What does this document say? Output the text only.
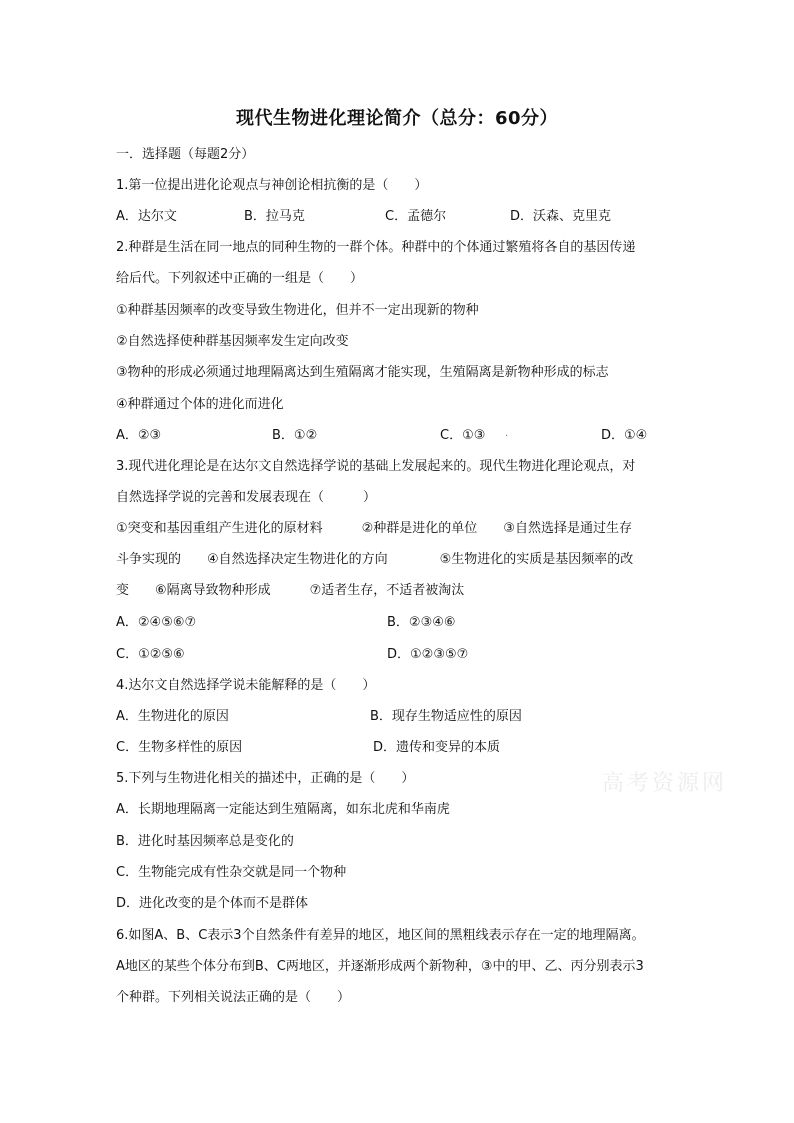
现代生物进化理论简介（总分：60分）
一．选择题（每题2分）
1.第一位提出进化论观点与神创论相抗衡的是（　　）
A．达尔文	B．拉马克	C．孟德尔	D．沃森、克里克
2.种群是生活在同一地点的同种生物的一群个体。种群中的个体通过繁殖将各自的基因传递
给后代。下列叙述中正确的一组是（　　）
①种群基因频率的改变导致生物进化，但并不一定出现新的物种
②自然选择使种群基因频率发生定向改变
③物种的形成必须通过地理隔离达到生殖隔离才能实现，生殖隔离是新物种形成的标志
④种群通过个体的进化而进化
A．②③	B．①②	C．①③ .	D．①④
3.现代进化理论是在达尔文自然选择学说的基础上发展起来的。现代生物进化理论观点，对
自然选择学说的完善和发展表现在（　　　）
①突变和基因重组产生进化的原材料　　　②种群是进化的单位　　③自然选择是通过生存
斗争实现的　　④自然选择决定生物进化的方向　　　　⑤生物进化的实质是基因频率的改
变　　⑥隔离导致物种形成　　　⑦适者生存，不适者被淘汰
A．②④⑤⑥⑦	B．②③④⑥
C．①②⑤⑥	D．①②③⑤⑦
4.达尔文自然选择学说未能解释的是（　　）
A．生物进化的原因	B．现存生物适应性的原因
C．生物多样性的原因	D．遗传和变异的本质
高考资源网
5.下列与生物进化相关的描述中，正确的是（　　）
A．长期地理隔离一定能达到生殖隔离，如东北虎和华南虎
B．进化时基因频率总是变化的
C．生物能完成有性杂交就是同一个物种
D．进化改变的是个体而不是群体
6.如图A、B、C表示3个自然条件有差异的地区，地区间的黑粗线表示存在一定的地理隔离。
A地区的某些个体分布到B、C两地区，并逐渐形成两个新物种，③中的甲、乙、丙分别表示3
个种群。下列相关说法正确的是（　　）
